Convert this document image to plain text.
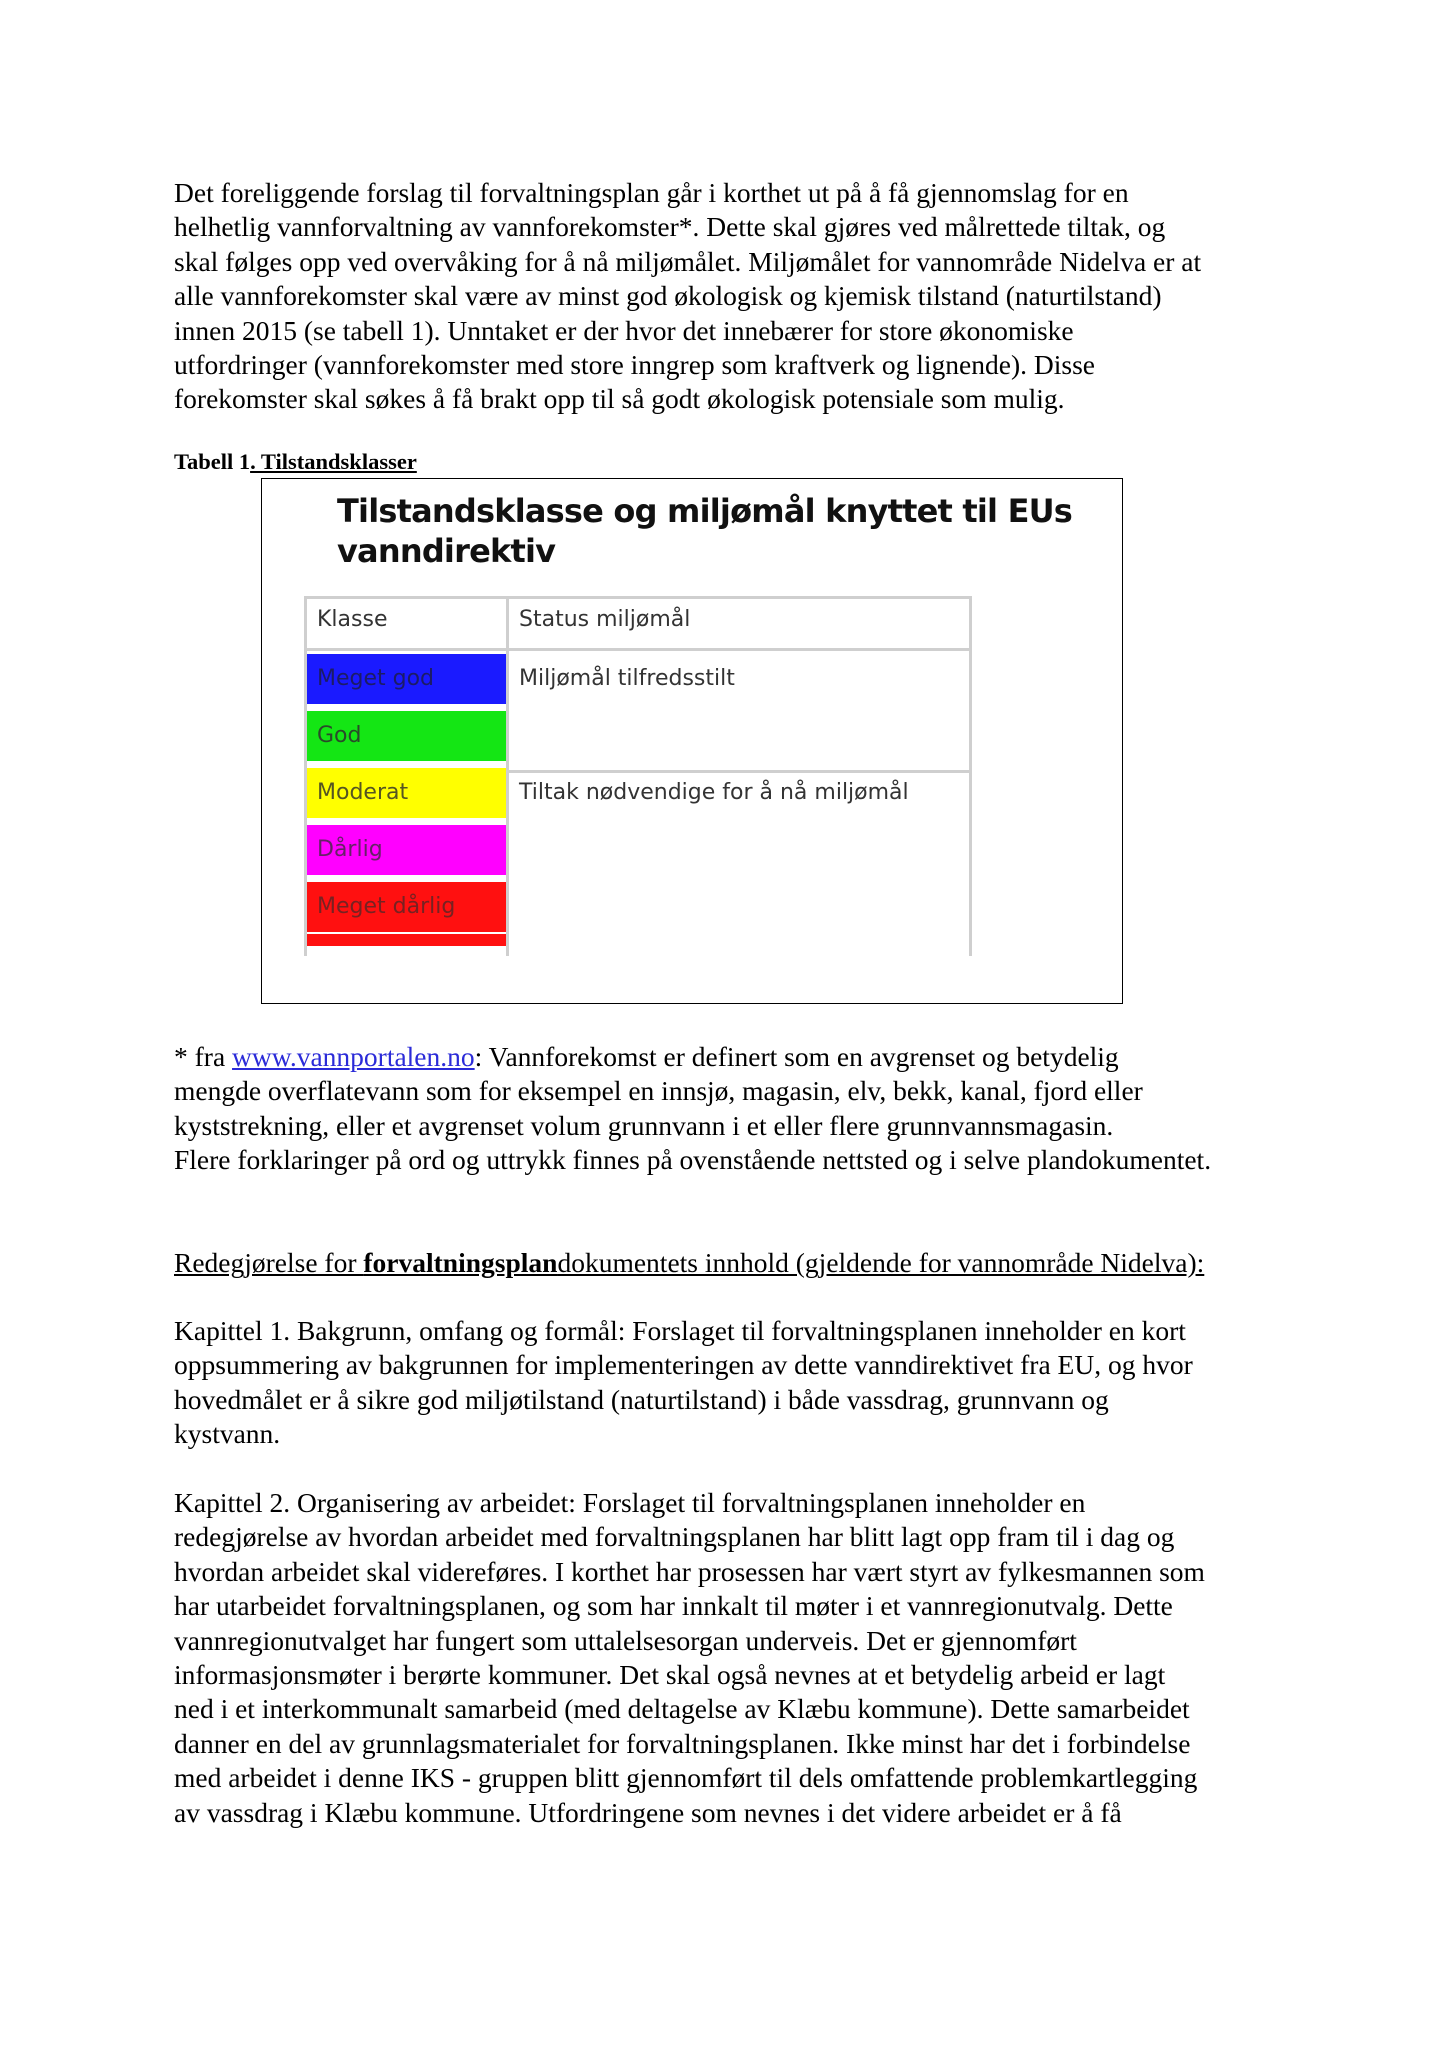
Det foreliggende forslag til forvaltningsplan går i korthet ut på å få gjennomslag for en
helhetlig vannforvaltning av vannforekomster*. Dette skal gjøres ved målrettede tiltak, og
skal følges opp ved overvåking for å nå miljømålet. Miljømålet for vannområde Nidelva er at
alle vannforekomster skal være av minst god økologisk og kjemisk tilstand (naturtilstand)
innen 2015 (se tabell 1). Unntaket er der hvor det innebærer for store økonomiske
utfordringer (vannforekomster med store inngrep som kraftverk og lignende). Disse
forekomster skal søkes å få brakt opp til så godt økologisk potensiale som mulig.
Tabell 1. Tilstandsklasser
Tilstandsklasse og miljømål knyttet til EUs
vanndirektiv
Klasse	Status miljømål
Meget god
God
Moderat
Dårlig
Meget dårlig
Miljømål tilfredsstilt
Tiltak nødvendige for å nå miljømål
* fra www.vannportalen.no: Vannforekomst er definert som en avgrenset og betydelig
mengde overflatevann som for eksempel en innsjø, magasin, elv, bekk, kanal, fjord eller
kyststrekning, eller et avgrenset volum grunnvann i et eller flere grunnvannsmagasin.
Flere forklaringer på ord og uttrykk finnes på ovenstående nettsted og i selve plandokumentet.
Redegjørelse for forvaltningsplandokumentets innhold (gjeldende for vannområde Nidelva):
Kapittel 1. Bakgrunn, omfang og formål: Forslaget til forvaltningsplanen inneholder en kort
oppsummering av bakgrunnen for implementeringen av dette vanndirektivet fra EU, og hvor
hovedmålet er å sikre god miljøtilstand (naturtilstand) i både vassdrag, grunnvann og
kystvann.
Kapittel 2. Organisering av arbeidet: Forslaget til forvaltningsplanen inneholder en
redegjørelse av hvordan arbeidet med forvaltningsplanen har blitt lagt opp fram til i dag og
hvordan arbeidet skal videreføres. I korthet har prosessen har vært styrt av fylkesmannen som
har utarbeidet forvaltningsplanen, og som har innkalt til møter i et vannregionutvalg. Dette
vannregionutvalget har fungert som uttalelsesorgan underveis. Det er gjennomført
informasjonsmøter i berørte kommuner. Det skal også nevnes at et betydelig arbeid er lagt
ned i et interkommunalt samarbeid (med deltagelse av Klæbu kommune). Dette samarbeidet
danner en del av grunnlagsmaterialet for forvaltningsplanen. Ikke minst har det i forbindelse
med arbeidet i denne IKS - gruppen blitt gjennomført til dels omfattende problemkartlegging
av vassdrag i Klæbu kommune. Utfordringene som nevnes i det videre arbeidet er å få
